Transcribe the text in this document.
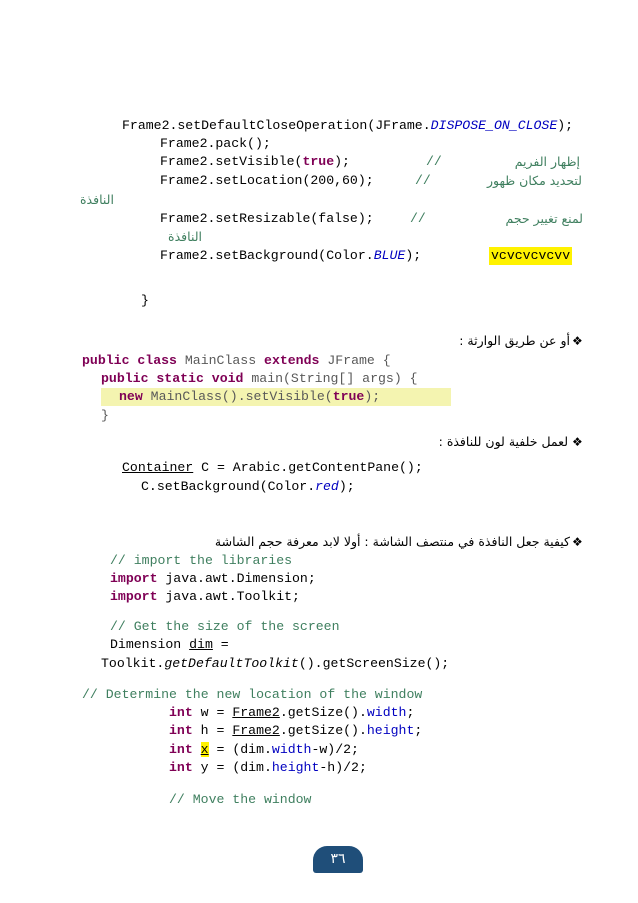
Frame2.setDefaultCloseOperation(JFrame.DISPOSE_ON_CLOSE);
Frame2.pack();
Frame2.setVisible(true);	//	إظهار الفريم
Frame2.setLocation(200,60);	//	لتحديد مكان ظهور
النافذة
Frame2.setResizable(false);	//	لمنع تغيير حجم
النافذة
Frame2.setBackground(Color.BLUE);	vcvcvcvcvv
}
أو عن طريق الوارثة : ❖
public class MainClass extends JFrame {
public static void main(String[] args) {
new MainClass().setVisible(true);
}
لعمل خلفية لون للنافذة : ❖
Container C = Arabic.getContentPane();
C.setBackground(Color.red);
كيفية جعل النافذة في منتصف الشاشة : أولا لابد معرفة حجم الشاشة ❖
// import the libraries
import java.awt.Dimension;
import java.awt.Toolkit;
// Get the size of the screen
Dimension dim =
Toolkit.getDefaultToolkit().getScreenSize();
// Determine the new location of the window
int w = Frame2.getSize().width;
int h = Frame2.getSize().height;
int x = (dim.width-w)/2;
int y = (dim.height-h)/2;
// Move the window
٣٦
